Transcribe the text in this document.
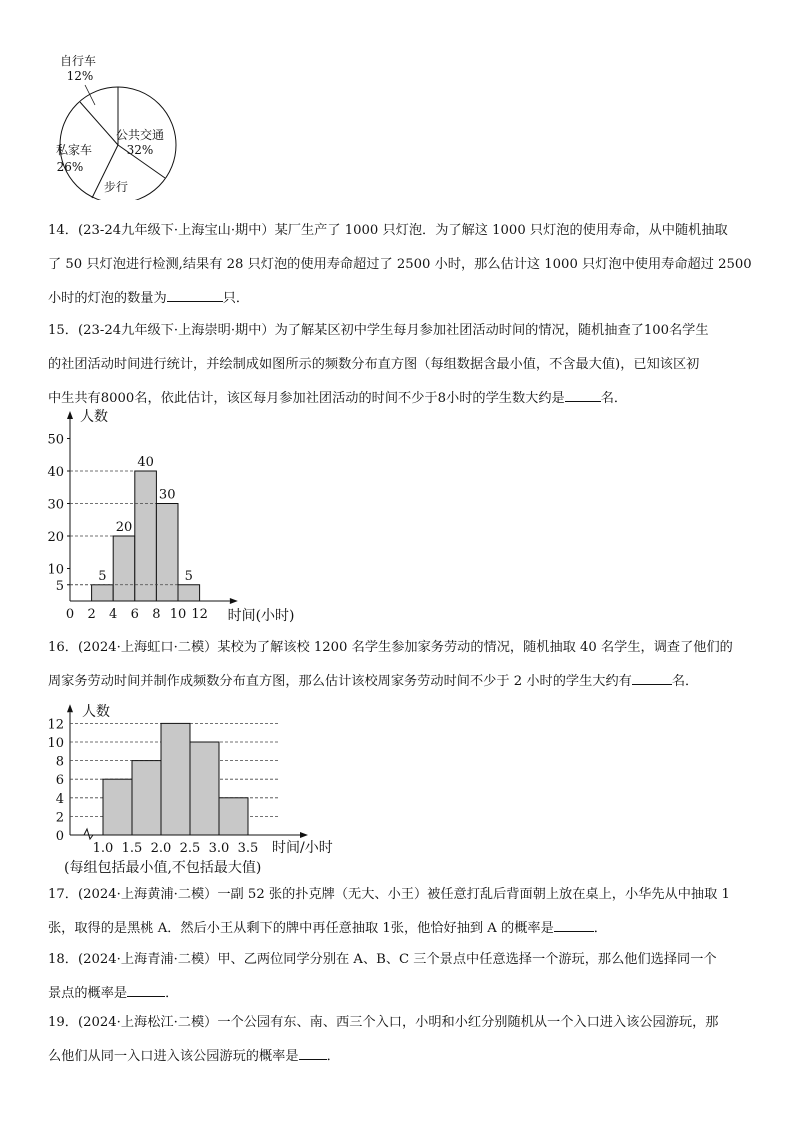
自行车
12%
公共交通
32%
步行
私家车
26%

14．(23-24九年级下·上海宝山·期中）某厂生产了 1000 只灯泡．为了解这 1000 只灯泡的使用寿命，从中随机抽取

了 50 只灯泡进行检测,结果有 28 只灯泡的使用寿命超过了 2500 小时，那么估计这 1000 只灯泡中使用寿命超过 2500

小时的灯泡的数量为	只．

15．(23-24九年级下·上海崇明·期中）为了解某区初中学生每月参加社团活动时间的情况，随机抽查了100名学生

的社团活动时间进行统计，并绘制成如图所示的频数分布直方图（每组数据含最小值，不含最大值)，已知该区初

中生共有8000名，依此估计，该区每月参加社团活动的时间不少于8小时的学生数大约是	名．

人数
5
10
20
30
40
50
5
20
40
30
5
0 2 4 6 8 10 12 时间(小时)

16．(2024·上海虹口·二模）某校为了解该校 1200 名学生参加家务劳动的情况，随机抽取 40 名学生，调查了他们的

周家务劳动时间并制作成频数分布直方图，那么估计该校周家务劳动时间不少于 2 小时的学生大约有	名．

人数
0
2
4
6
8
10
12
1.0 1.5 2.0 2.5 3.0 3.5 时间/小时
(每组包括最小值,不包括最大值)

17．(2024·上海黄浦·二模）一副 52 张的扑克牌（无大、小王）被任意打乱后背面朝上放在桌上，小华先从中抽取 1

张，取得的是黑桃 A．然后小王从剩下的牌中再任意抽取 1张，他恰好抽到 A 的概率是	．

18．(2024·上海青浦·二模）甲、乙两位同学分别在 A、B、C 三个景点中任意选择一个游玩，那么他们选择同一个

景点的概率是	．

19．(2024·上海松江·二模）一个公园有东、南、西三个入口，小明和小红分别随机从一个入口进入该公园游玩，那

么他们从同一入口进入该公园游玩的概率是 ．
